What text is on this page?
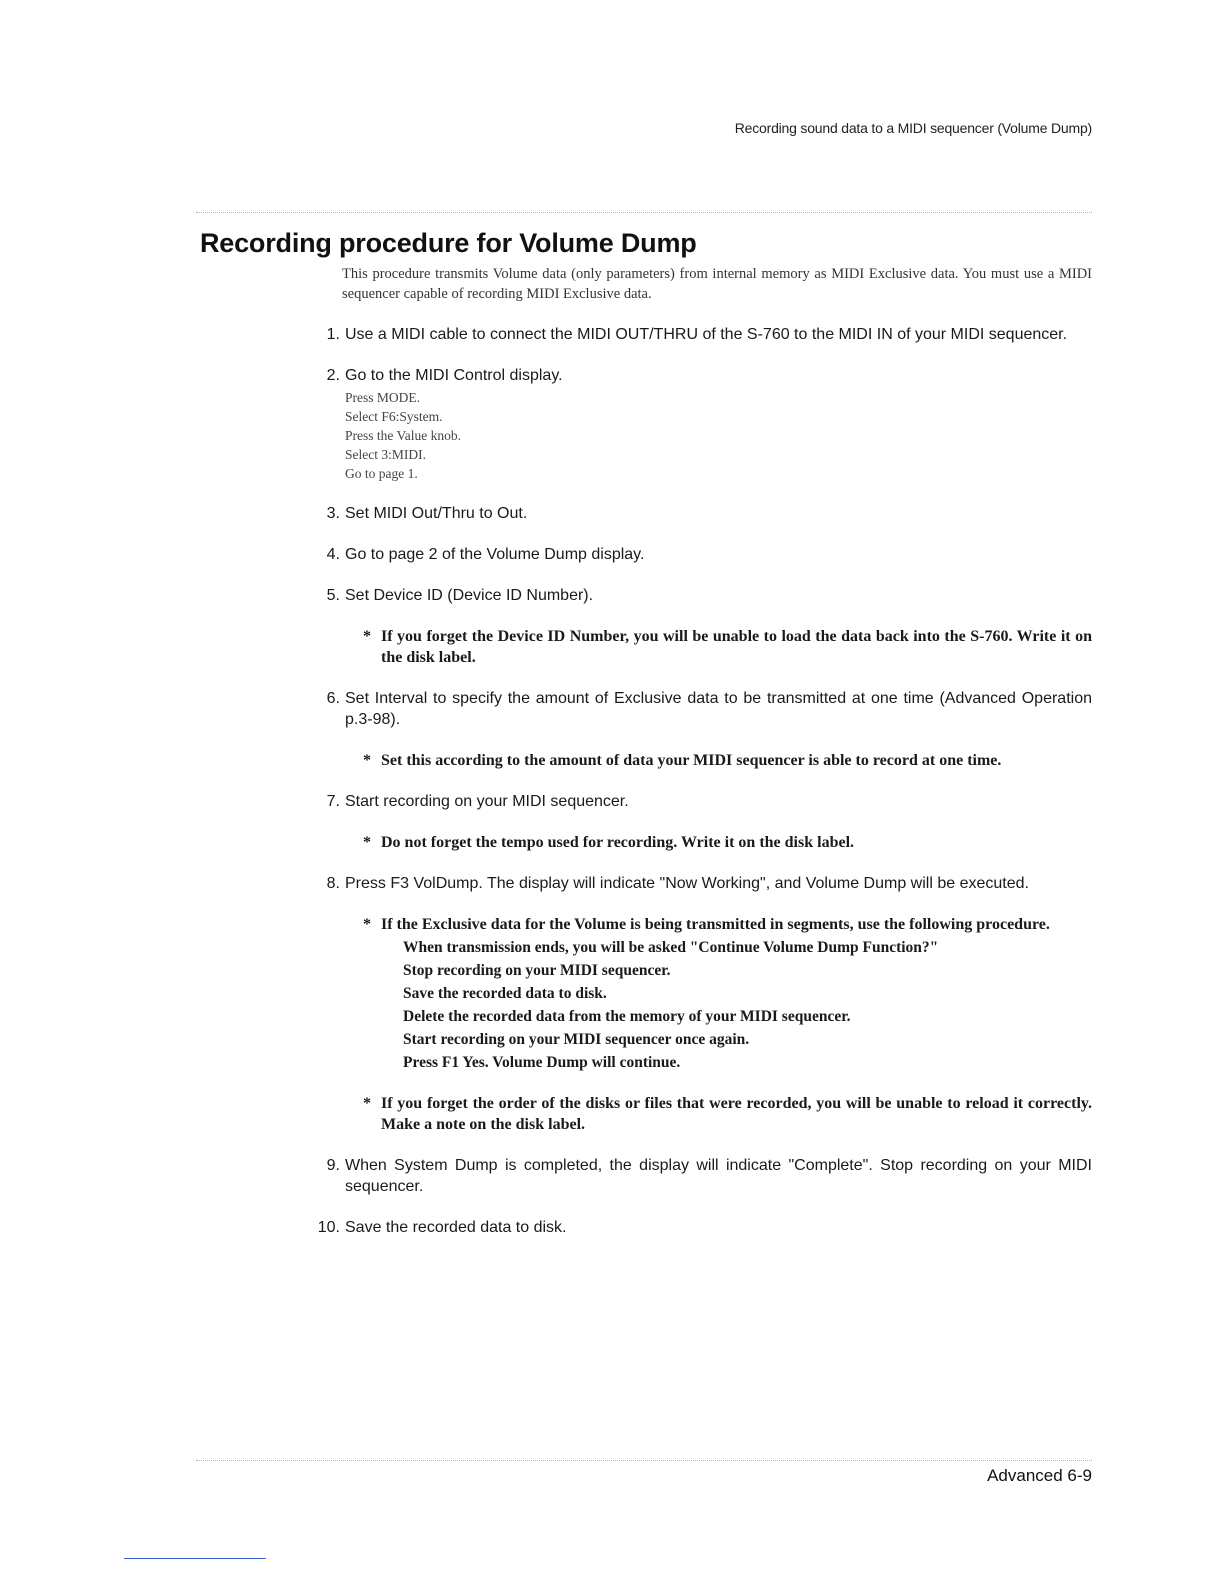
Recording sound data to a MIDI sequencer (Volume Dump)
Recording procedure for Volume Dump

This procedure transmits Volume data (only parameters) from internal memory as MIDI Exclusive data. You must use a MIDI sequencer capable of recording MIDI Exclusive data.

1. Use a MIDI cable to connect the MIDI OUT/THRU of the S-760 to the MIDI IN of your MIDI sequencer.

2. Go to the MIDI Control display.

Press MODE.
Select F6:System.
Press the Value knob.
Select 3:MIDI.
Go to page 1.
3. Set MIDI Out/Thru to Out.

4. Go to page 2 of the Volume Dump display.

5. Set Device ID (Device ID Number).

* If you forget the Device ID Number, you will be unable to load the data back into the S-760. Write it on the disk label.

6. Set Interval to specify the amount of Exclusive data to be transmitted at one time (Advanced Operation p.3-98).

* Set this according to the amount of data your MIDI sequencer is able to record at one time.

7. Start recording on your MIDI sequencer.

* Do not forget the tempo used for recording. Write it on the disk label.

8. Press F3 VolDump. The display will indicate "Now Working", and Volume Dump will be executed.

* If the Exclusive data for the Volume is being transmitted in segments, use the following procedure.

When transmission ends, you will be asked "Continue Volume Dump Function?"
Stop recording on your MIDI sequencer.
Save the recorded data to disk.
Delete the recorded data from the memory of your MIDI sequencer.
Start recording on your MIDI sequencer once again.
Press F1 Yes. Volume Dump will continue.
* If you forget the order of the disks or files that were recorded, you will be unable to reload it correctly. Make a note on the disk label.

9. When System Dump is completed, the display will indicate "Complete". Stop recording on your MIDI sequencer.

10. Save the recorded data to disk.

Advanced 6-9
